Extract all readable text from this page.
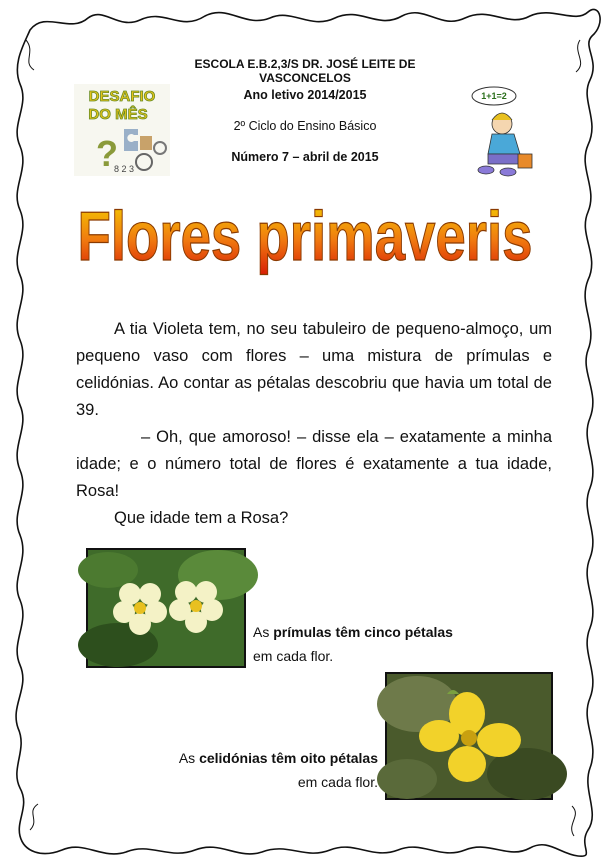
ESCOLA E.B.2,3/S DR. JOSÉ LEITE DE VASCONCELOS
Ano letivo 2014/2015
2º Ciclo do Ensino Básico
Número 7 – abril de 2015
DESAFIO
DO MÊS
?
8 2 3
1+1=2
Flores primaveris
A tia Violeta tem, no seu tabuleiro de pequeno-almoço, um pequeno vaso com flores – uma mistura de prímulas e celidónias. Ao contar as pétalas descobriu que havia um total de 39.
– Oh, que amoroso! – disse ela – exatamente a minha idade; e o número total de flores é exatamente a tua idade, Rosa!
Que idade tem a Rosa?
As prímulas têm cinco pétalas
em cada flor.
As celidónias têm oito pétalas
em cada flor.
